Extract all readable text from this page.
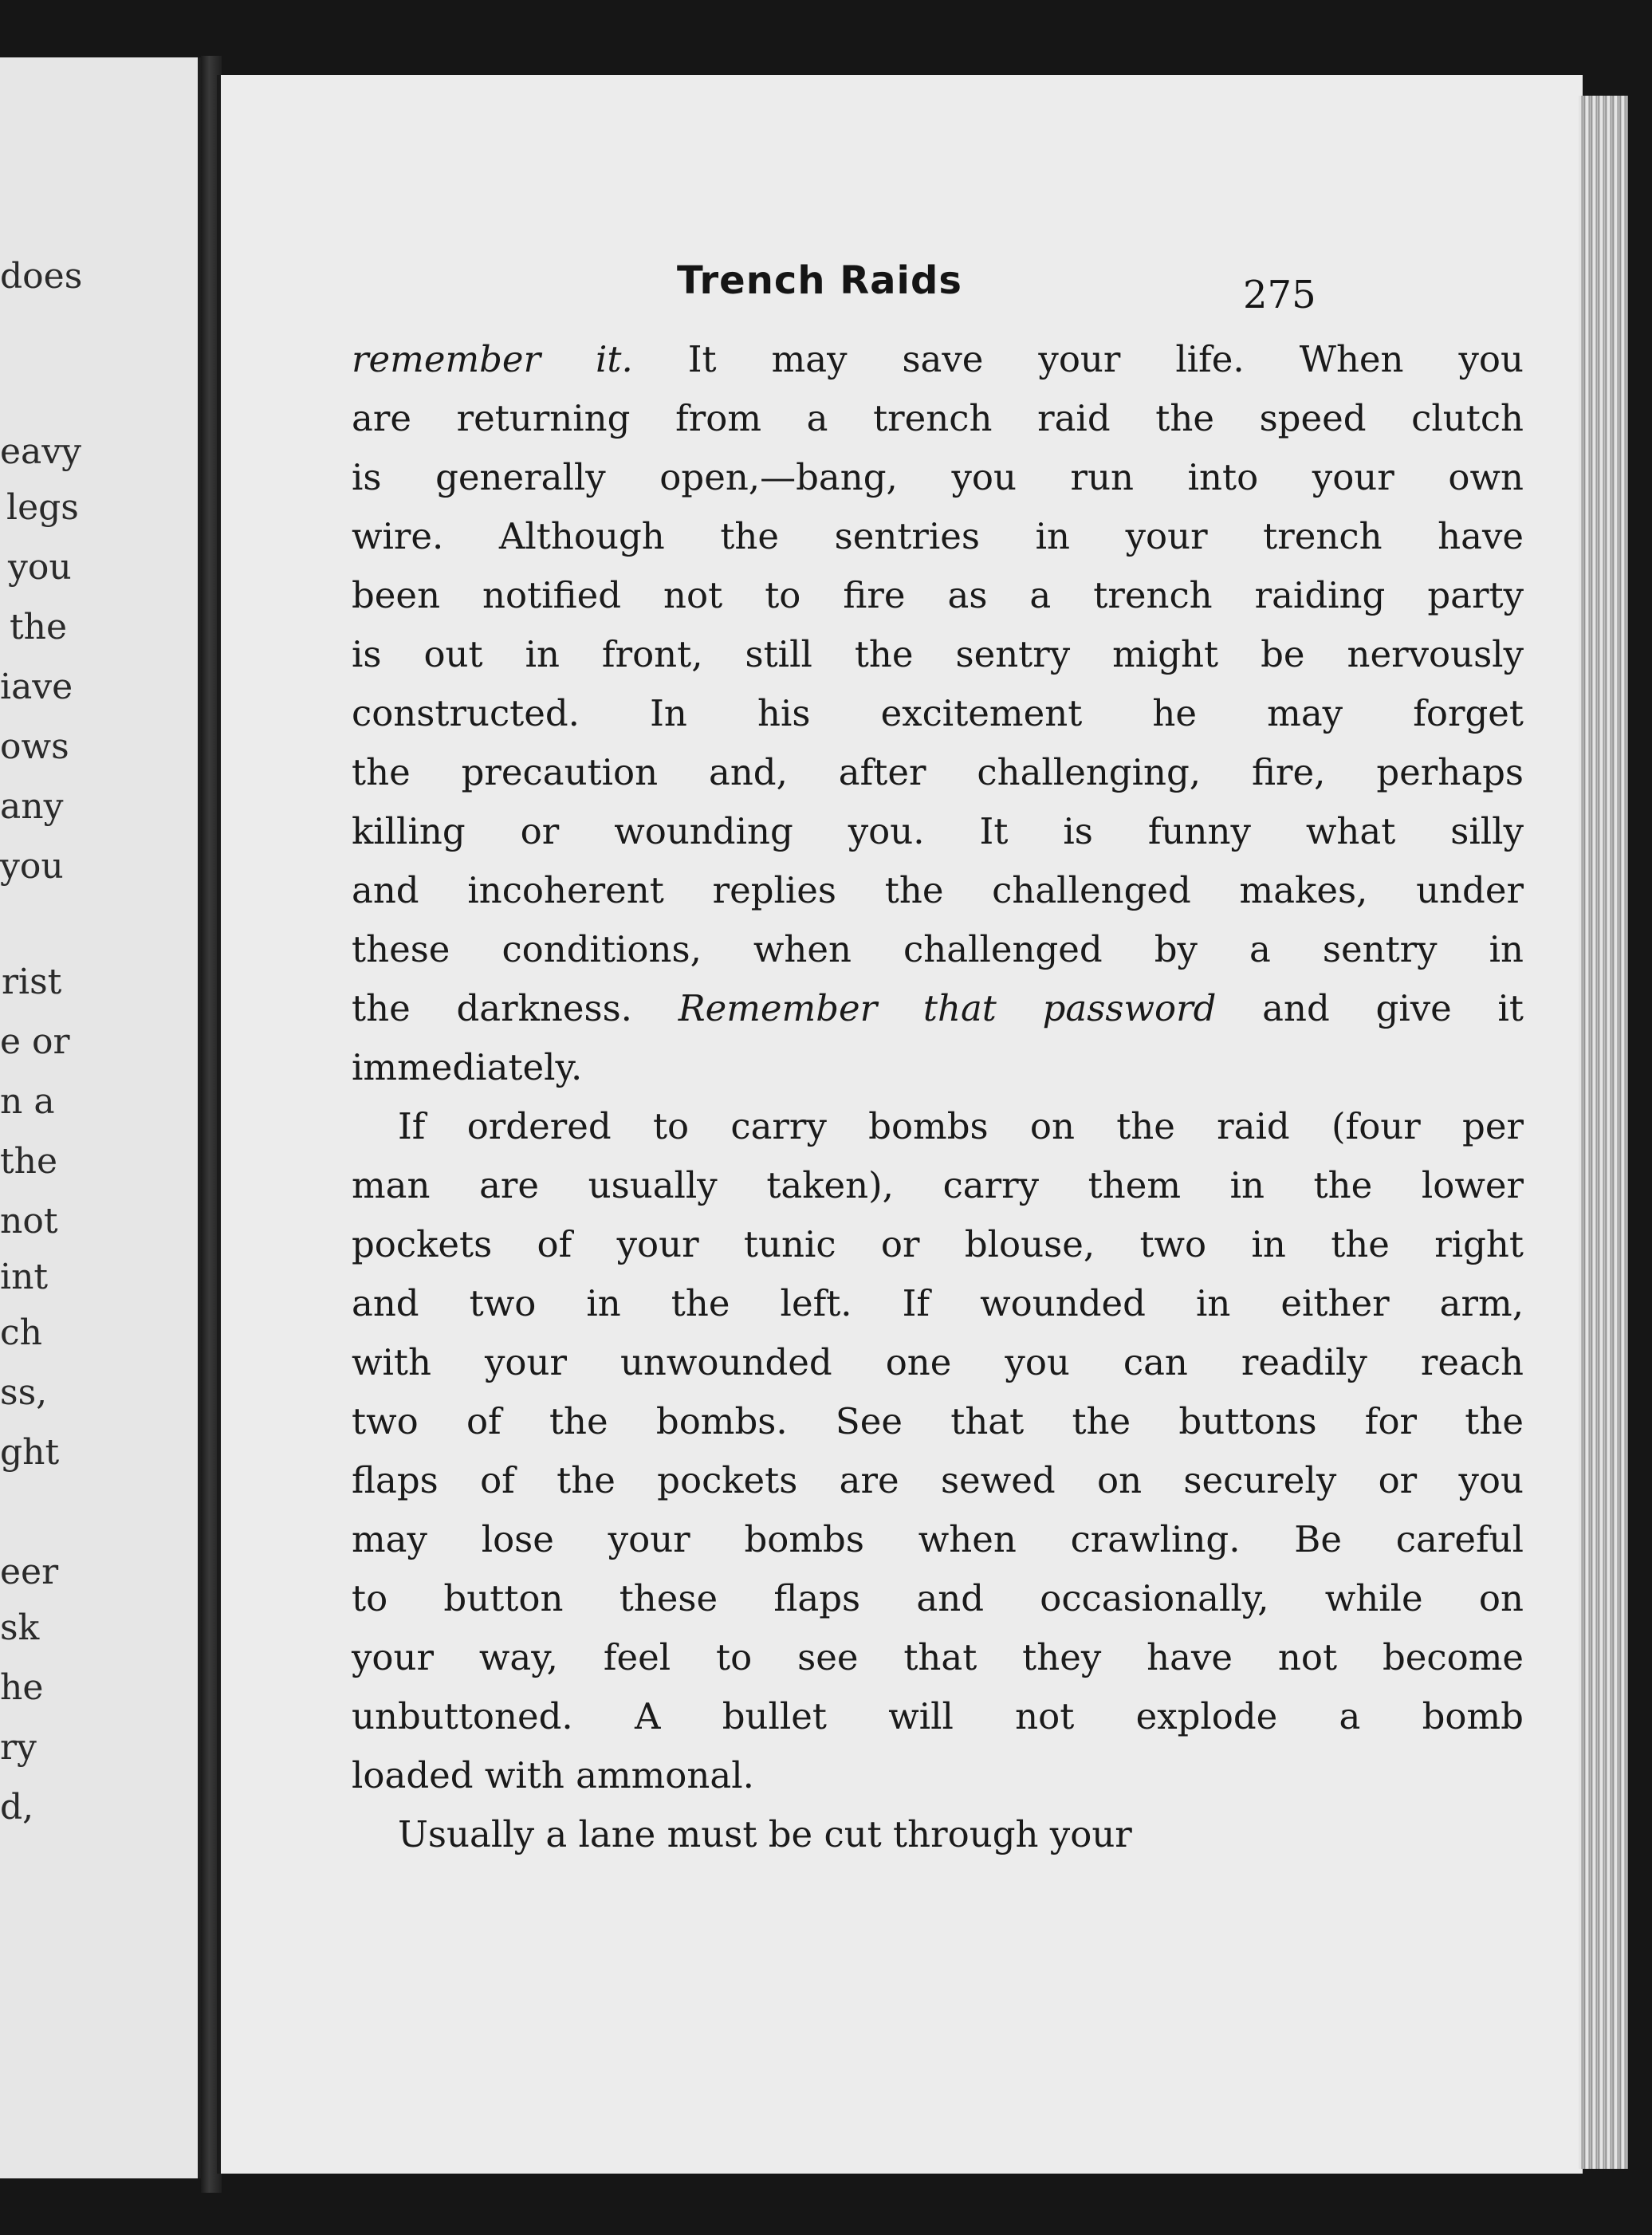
does
eavy
legs
you
the
iave
ows
any
you
rist
e or
n a
the
not
int
ch
ss,
ght
eer
sk
he
ry
d,
Trench Raids	275
remember it. It may save your life. When you
are returning from a trench raid the speed clutch
is generally open,—bang, you run into your own
wire. Although the sentries in your trench have
been notified not to fire as a trench raiding party
is out in front, still the sentry might be nervously
constructed. In his excitement he may forget
the precaution and, after challenging, fire, perhaps
killing or wounding you. It is funny what silly
and incoherent replies the challenged makes, under
these conditions, when challenged by a sentry in
the darkness. Remember that password and give it
immediately.
If ordered to carry bombs on the raid (four per
man are usually taken), carry them in the lower
pockets of your tunic or blouse, two in the right
and two in the left. If wounded in either arm,
with your unwounded one you can readily reach
two of the bombs. See that the buttons for the
flaps of the pockets are sewed on securely or you
may lose your bombs when crawling. Be careful
to button these flaps and occasionally, while on
your way, feel to see that they have not become
unbuttoned. A bullet will not explode a bomb
loaded with ammonal.
Usually a lane must be cut through your
